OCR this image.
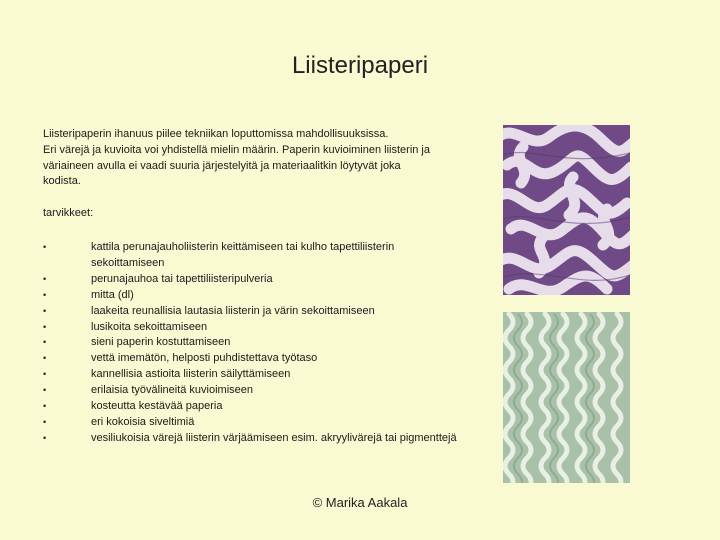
Liisteripaperi

Liisteripaperin ihanuus piilee tekniikan loputtomissa mahdollisuuksissa.
Eri värejä ja kuvioita voi yhdistellä mielin määrin. Paperin kuvioiminen liisterin ja
väriaineen avulla ei vaadi suuria järjestelyitä ja materiaalitkin löytyvät joka
kodista.

tarvikkeet:

•	kattila perunajauholiisterin keittämiseen tai kulho tapettiliisterin sekoittamiseen
•	perunajauhoa tai tapettiliisteripulveria
•	mitta (dl)
•	laakeita reunallisia lautasia liisterin ja värin sekoittamiseen
•	lusikoita sekoittamiseen
•	sieni paperin kostuttamiseen
•	vettä imemätön, helposti puhdistettava työtaso
•	kannellisia astioita liisterin säilyttämiseen
•	erilaisia työvälineitä kuvioimiseen
•	kosteutta kestävää paperia
•	eri kokoisia siveltimiä
•	vesiliukoisia värejä liisterin värjäämiseen esim. akryylivärejä tai pigmenttejä
© Marika Aakala
